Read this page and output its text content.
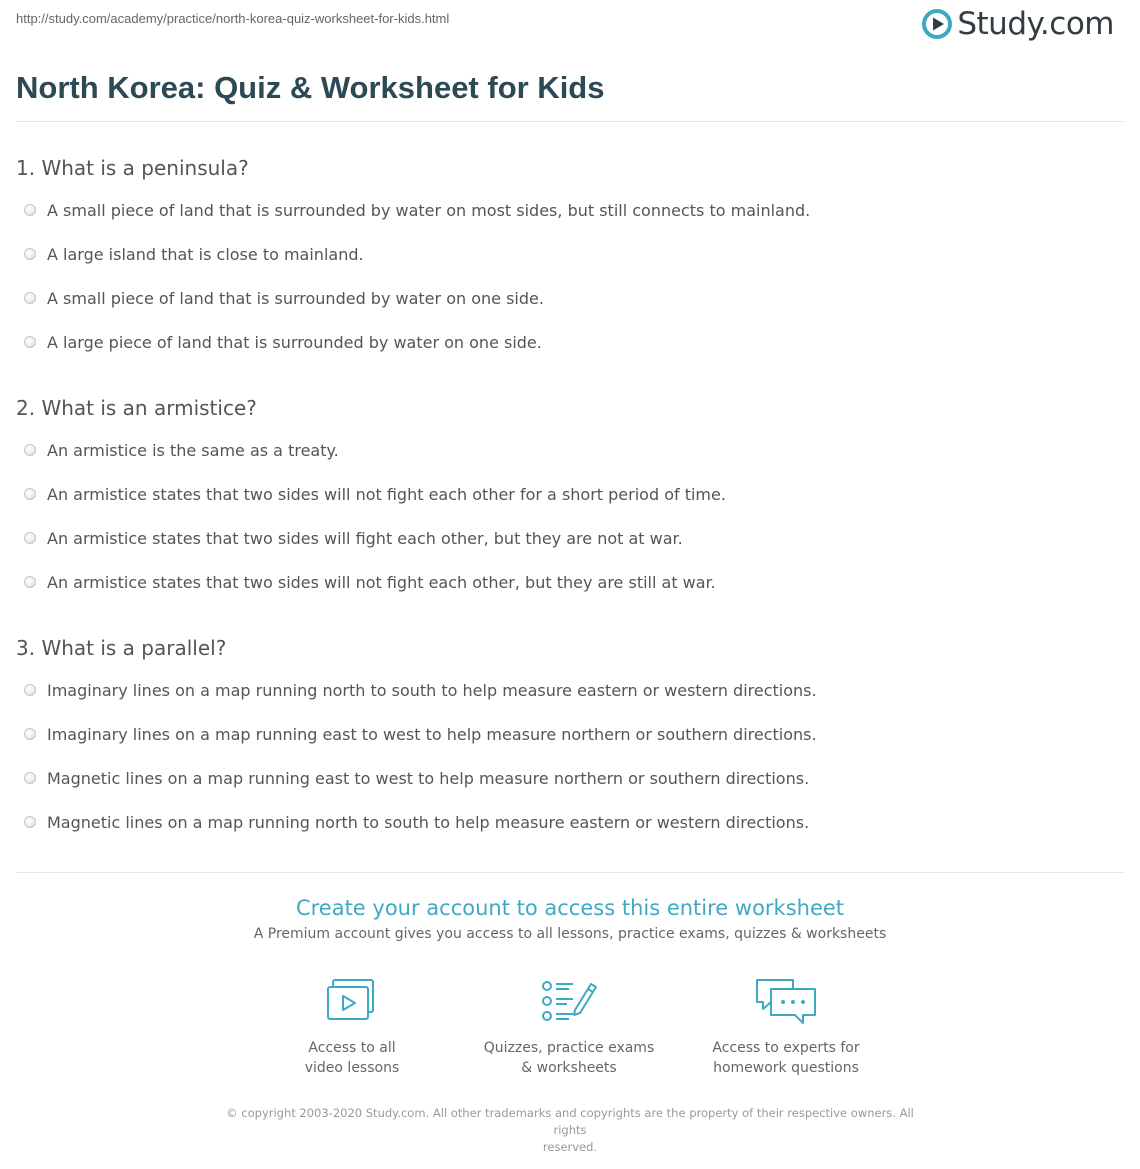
http://study.com/academy/practice/north-korea-quiz-worksheet-for-kids.html	Study.com
North Korea: Quiz & Worksheet for Kids
1. What is a peninsula?
A small piece of land that is surrounded by water on most sides, but still connects to mainland.
A large island that is close to mainland.
A small piece of land that is surrounded by water on one side.
A large piece of land that is surrounded by water on one side.
2. What is an armistice?
An armistice is the same as a treaty.
An armistice states that two sides will not fight each other for a short period of time.
An armistice states that two sides will fight each other, but they are not at war.
An armistice states that two sides will not fight each other, but they are still at war.
3. What is a parallel?
Imaginary lines on a map running north to south to help measure eastern or western directions.
Imaginary lines on a map running east to west to help measure northern or southern directions.
Magnetic lines on a map running east to west to help measure northern or southern directions.
Magnetic lines on a map running north to south to help measure eastern or western directions.
Create your account to access this entire worksheet
A Premium account gives you access to all lessons, practice exams, quizzes & worksheets
Access to all
video lessons
Quizzes, practice exams
& worksheets
Access to experts for
homework questions
© copyright 2003-2020 Study.com. All other trademarks and copyrights are the property of their respective owners. All rights
reserved.
